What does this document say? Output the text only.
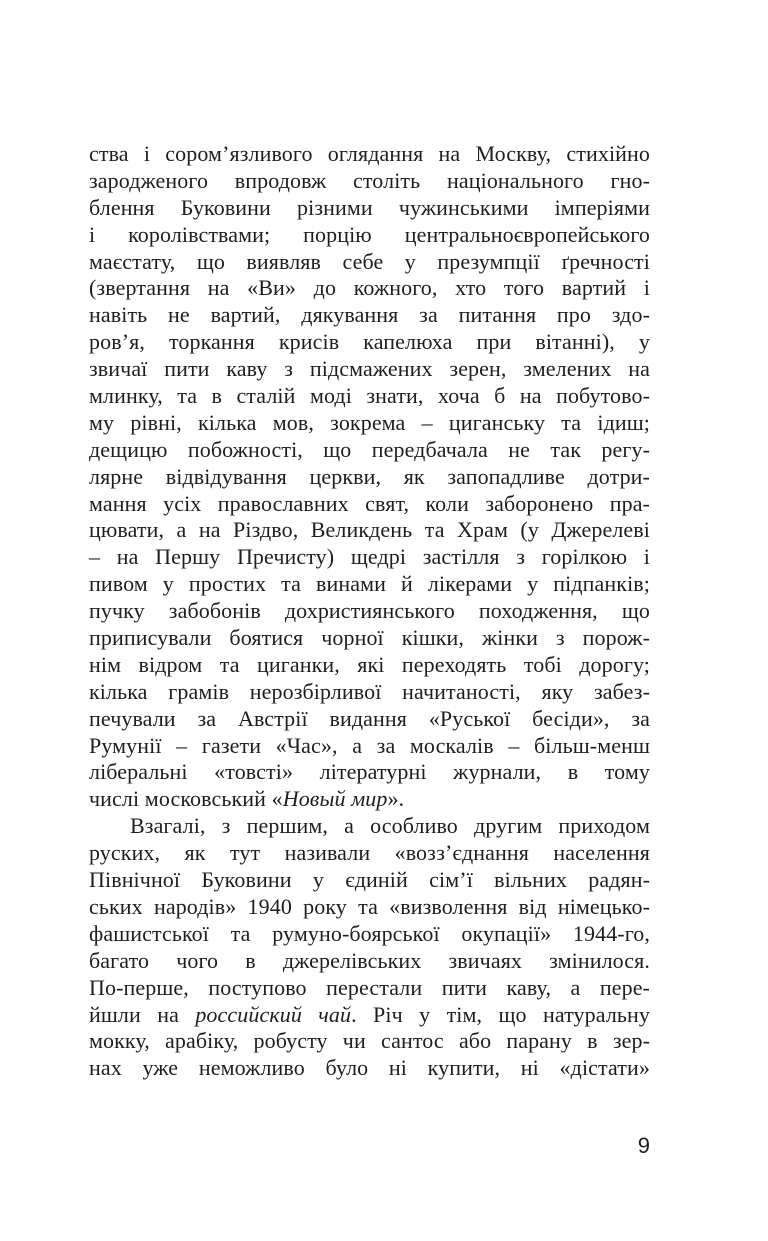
ства і сором’язливого оглядання на Москву, стихійно
зародженого впродовж століть національного гно-
блення Буковини різними чужинськими імперіями
і королівствами; порцію центральноєвропейського
маєстату, що виявляв себе у презумпції ґречності
(звертання на «Ви» до кожного, хто того вартий і
навіть не вартий, дякування за питання про здо-
ров’я, торкання крисів капелюха при вітанні), у
звичаї пити каву з підсмажених зерен, змелених на
млинку, та в сталій моді знати, хоча б на побутово-
му рівні, кілька мов, зокрема – циганську та ідиш;
дещицю побожності, що передбачала не так регу-
лярне відвідування церкви, як запопадливе дотри-
мання усіх православних свят, коли заборонено пра-
цювати, а на Різдво, Великдень та Храм (у Джерелеві
– на Першу Пречисту) щедрі застілля з горілкою і
пивом у простих та винами й лікерами у підпанків;
пучку забобонів дохристиянського походження, що
приписували боятися чорної кішки, жінки з порож-
нім відром та циганки, які переходять тобі дорогу;
кілька грамів нерозбірливої начитаності, яку забез-
печували за Австрії видання «Руської бесіди», за
Румунії – газети «Час», а за москалів – більш-менш
ліберальні «товсті» літературні журнали, в тому
числі московський «Новый мир».
Взагалі, з першим, а особливо другим приходом
руских, як тут називали «возз’єднання населення
Північної Буковини у єдиній сім’ї вільних радян-
ських народів» 1940 року та «визволення від німецько-
фашистської та румуно-боярської окупації» 1944-го,
багато чого в джерелівських звичаях змінилося.
По-перше, поступово перестали пити каву, а пере-
йшли на российский чай. Річ у тім, що натуральну
мокку, арабіку, робусту чи сантос або парану в зер-
нах уже неможливо було ні купити, ні «дістати»
9
